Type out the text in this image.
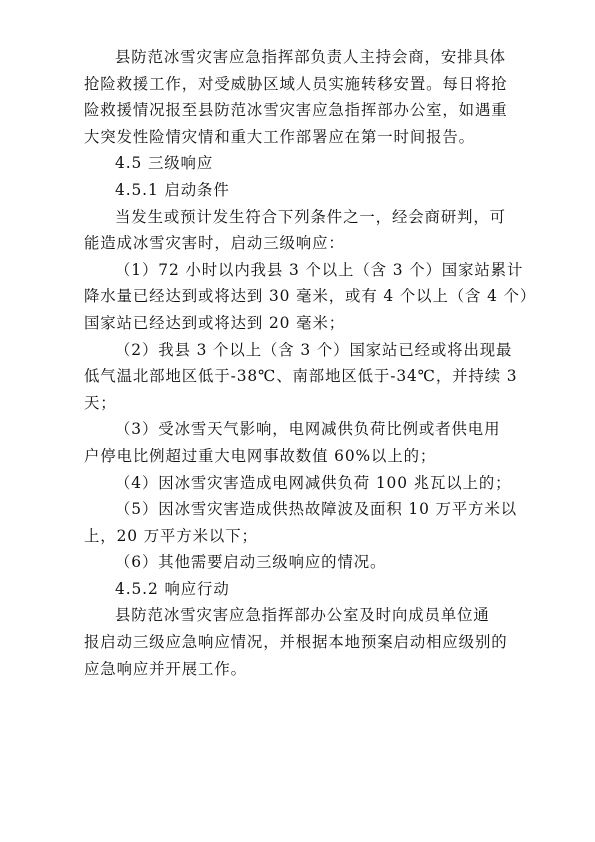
县防范冰雪灾害应急指挥部负责人主持会商，安排具体
抢险救援工作，对受威胁区域人员实施转移安置。每日将抢
险救援情况报至县防范冰雪灾害应急指挥部办公室，如遇重
大突发性险情灾情和重大工作部署应在第一时间报告。
4.5 三级响应
4.5.1 启动条件
当发生或预计发生符合下列条件之一，经会商研判，可
能造成冰雪灾害时，启动三级响应：
（1）72 小时以内我县 3 个以上（含 3 个）国家站累计
降水量已经达到或将达到 30 毫米，或有 4 个以上（含 4 个）
国家站已经达到或将达到 20 毫米；
（2）我县 3 个以上（含 3 个）国家站已经或将出现最
低气温北部地区低于-38℃、南部地区低于-34℃，并持续 3
天；
（3）受冰雪天气影响，电网减供负荷比例或者供电用
户停电比例超过重大电网事故数值 60%以上的；
（4）因冰雪灾害造成电网减供负荷 100 兆瓦以上的；
（5）因冰雪灾害造成供热故障波及面积 10 万平方米以
上，20 万平方米以下；
（6）其他需要启动三级响应的情况。
4.5.2 响应行动
县防范冰雪灾害应急指挥部办公室及时向成员单位通
报启动三级应急响应情况，并根据本地预案启动相应级别的
应急响应并开展工作。
